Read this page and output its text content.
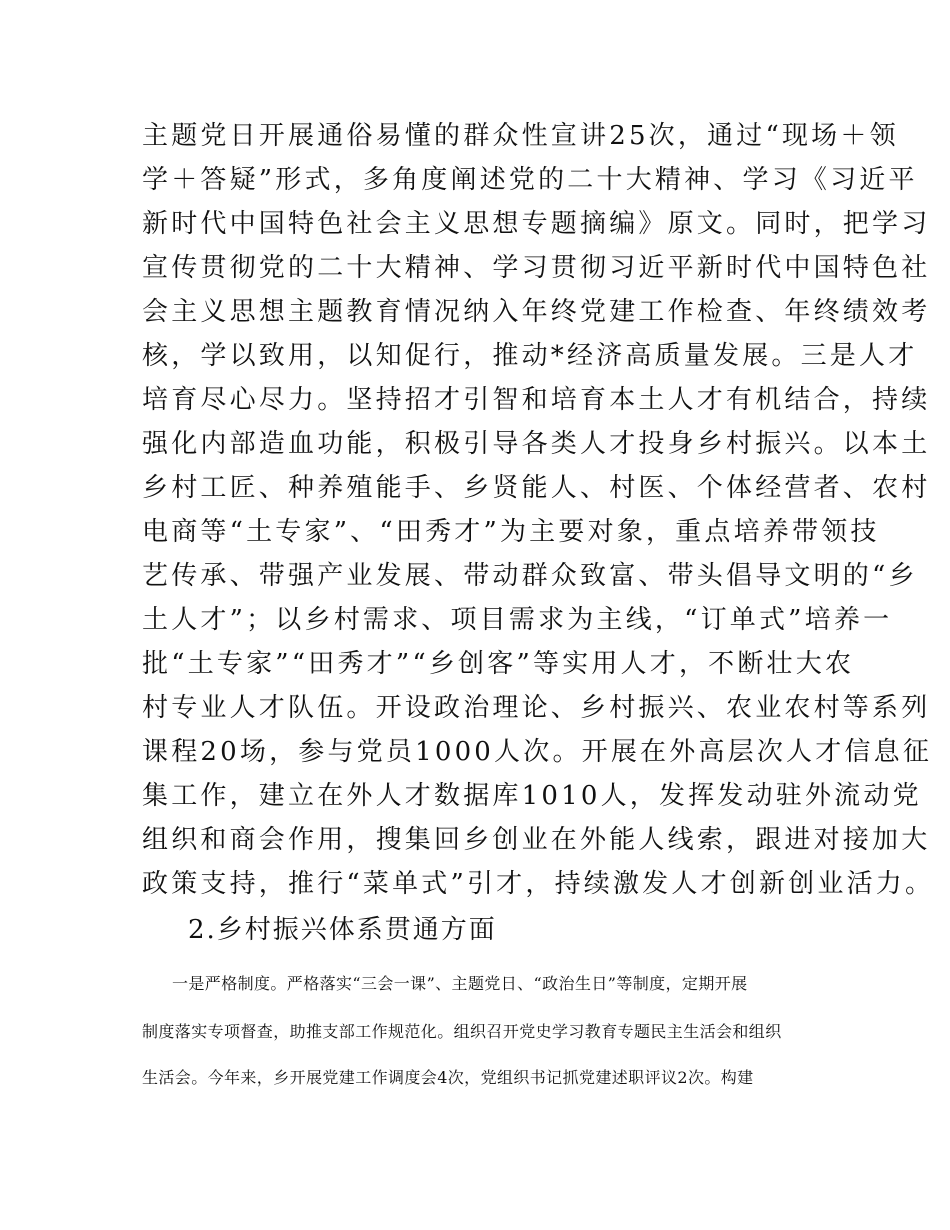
主题党日开展通俗易懂的群众性宣讲25次，通过“现场＋领
学＋答疑”形式，多角度阐述党的二十大精神、学习《习近平
新时代中国特色社会主义思想专题摘编》原文。同时，把学习
宣传贯彻党的二十大精神、学习贯彻习近平新时代中国特色社
会主义思想主题教育情况纳入年终党建工作检查、年终绩效考
核，学以致用，以知促行，推动*经济高质量发展。三是人才
培育尽心尽力。坚持招才引智和培育本土人才有机结合，持续
强化内部造血功能，积极引导各类人才投身乡村振兴。以本土
乡村工匠、种养殖能手、乡贤能人、村医、个体经营者、农村
电商等“土专家”、“田秀才”为主要对象，重点培养带领技
艺传承、带强产业发展、带动群众致富、带头倡导文明的“乡
土人才”；以乡村需求、项目需求为主线，“订单式”培养一
批“土专家”“田秀才”“乡创客”等实用人才，不断壮大农
村专业人才队伍。开设政治理论、乡村振兴、农业农村等系列
课程20场，参与党员1000人次。开展在外高层次人才信息征
集工作，建立在外人才数据库1010人，发挥发动驻外流动党
组织和商会作用，搜集回乡创业在外能人线索，跟进对接加大
政策支持，推行“菜单式”引才，持续激发人才创新创业活力。
2.乡村振兴体系贯通方面
一是严格制度。严格落实“三会一课”、主题党日、“政治生日”等制度，定期开展
制度落实专项督查，助推支部工作规范化。组织召开党史学习教育专题民主生活会和组织
生活会。今年来，乡开展党建工作调度会4次，党组织书记抓党建述职评议2次。构建
